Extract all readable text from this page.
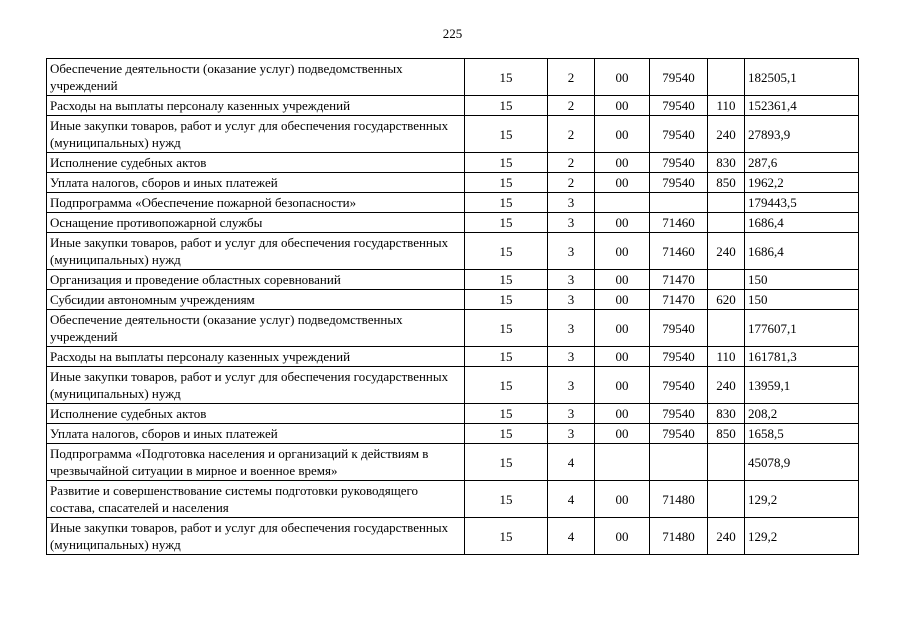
225
Обеспечение деятельности (оказание услуг) подведомственных учреждений	15	2	00	79540		182505,1
Расходы на выплаты персоналу казенных учреждений	15	2	00	79540	110	152361,4
Иные закупки товаров, работ и услуг для обеспечения государственных (муниципальных) нужд	15	2	00	79540	240	27893,9
Исполнение судебных актов	15	2	00	79540	830	287,6
Уплата налогов, сборов и иных платежей	15	2	00	79540	850	1962,2
Подпрограмма «Обеспечение пожарной безопасности»	15	3				179443,5
Оснащение противопожарной службы	15	3	00	71460		1686,4
Иные закупки товаров, работ и услуг для обеспечения государственных (муниципальных) нужд	15	3	00	71460	240	1686,4
Организация и проведение областных соревнований	15	3	00	71470		150
Субсидии автономным учреждениям	15	3	00	71470	620	150
Обеспечение деятельности (оказание услуг) подведомственных учреждений	15	3	00	79540		177607,1
Расходы на выплаты персоналу казенных учреждений	15	3	00	79540	110	161781,3
Иные закупки товаров, работ и услуг для обеспечения государственных (муниципальных) нужд	15	3	00	79540	240	13959,1
Исполнение судебных актов	15	3	00	79540	830	208,2
Уплата налогов, сборов и иных платежей	15	3	00	79540	850	1658,5
Подпрограмма «Подготовка населения и организаций к действиям в чрезвычайной ситуации в мирное и военное время»	15	4				45078,9
Развитие и совершенствование системы подготовки руководящего состава, спасателей и населения	15	4	00	71480		129,2
Иные закупки товаров, работ и услуг для обеспечения государственных (муниципальных) нужд	15	4	00	71480	240	129,2
